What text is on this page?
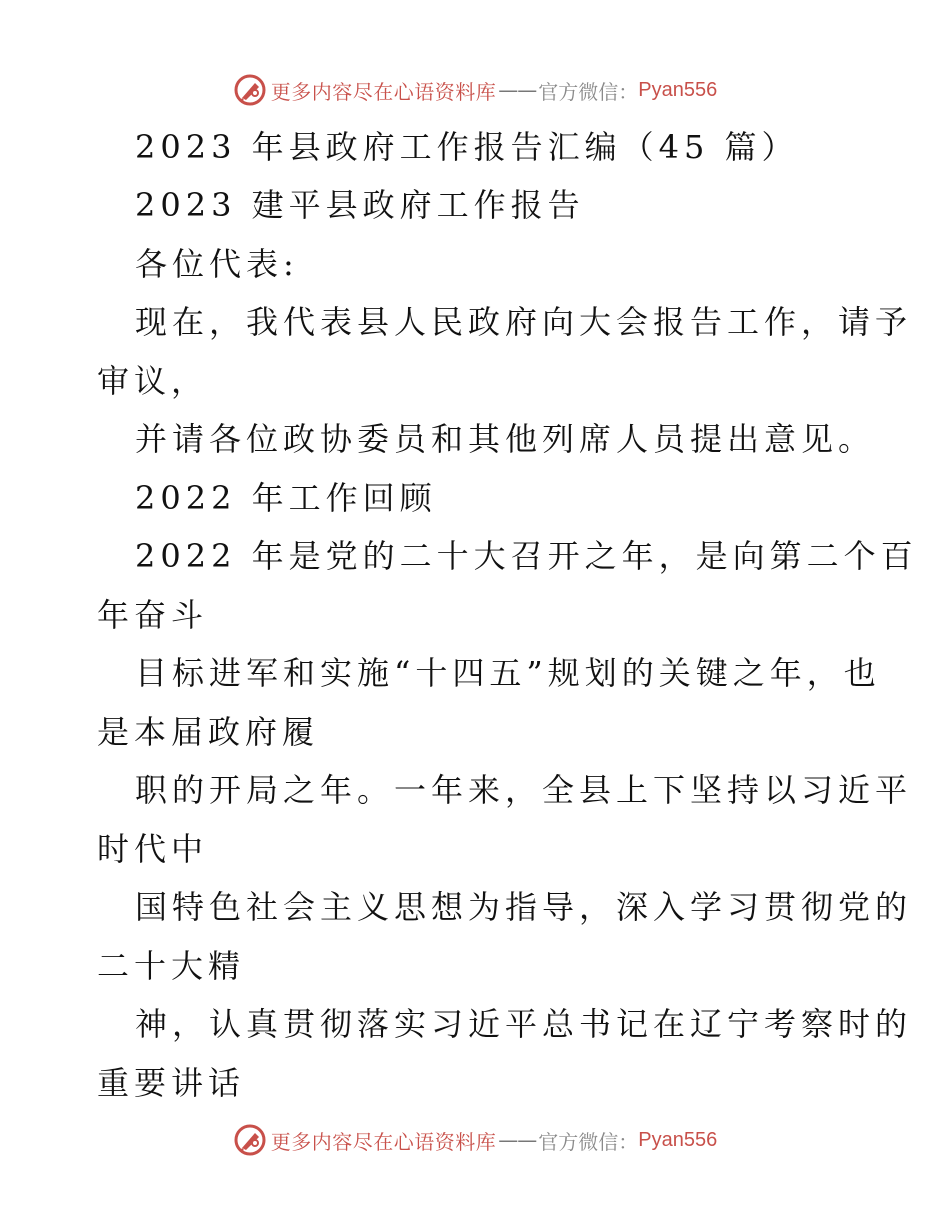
更多内容尽在心语资料库 —— 官方微信： Pyan556
2023 年县政府工作报告汇编（45 篇）
2023 建平县政府工作报告
各位代表:
现在，我代表县人民政府向大会报告工作，请予
审议，
并请各位政协委员和其他列席人员提出意见。
2022 年工作回顾
2022 年是党的二十大召开之年，是向第二个百
年奋斗
目标进军和实施“十四五”规划的关键之年，也
是本届政府履
职的开局之年。一年来，全县上下坚持以习近平
时代中
国特色社会主义思想为指导，深入学习贯彻党的
二十大精
神，认真贯彻落实习近平总书记在辽宁考察时的
重要讲话
更多内容尽在心语资料库 —— 官方微信： Pyan556
